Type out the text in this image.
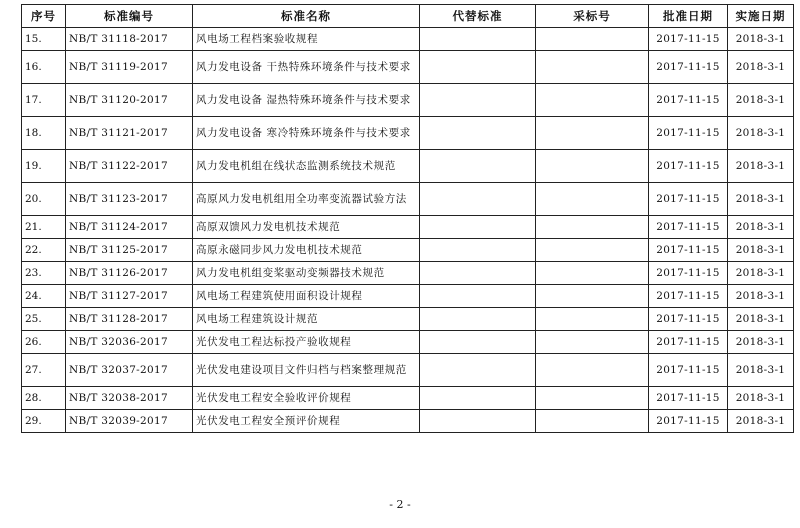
序号	标准编号	标准名称	代替标准	采标号	批准日期	实施日期
15.	NB/T 31118-2017	风电场工程档案验收规程			2017-11-15	2018-3-1
16.	NB/T 31119-2017	风力发电设备 干热特殊环境条件与技术要求			2017-11-15	2018-3-1
17.	NB/T 31120-2017	风力发电设备 湿热特殊环境条件与技术要求			2017-11-15	2018-3-1
18.	NB/T 31121-2017	风力发电设备 寒冷特殊环境条件与技术要求			2017-11-15	2018-3-1
19.	NB/T 31122-2017	风力发电机组在线状态监测系统技术规范			2017-11-15	2018-3-1
20.	NB/T 31123-2017	高原风力发电机组用全功率变流器试验方法			2017-11-15	2018-3-1
21.	NB/T 31124-2017	高原双馈风力发电机技术规范			2017-11-15	2018-3-1
22.	NB/T 31125-2017	高原永磁同步风力发电机技术规范			2017-11-15	2018-3-1
23.	NB/T 31126-2017	风力发电机组变桨驱动变频器技术规范			2017-11-15	2018-3-1
24.	NB/T 31127-2017	风电场工程建筑使用面积设计规程			2017-11-15	2018-3-1
25.	NB/T 31128-2017	风电场工程建筑设计规范			2017-11-15	2018-3-1
26.	NB/T 32036-2017	光伏发电工程达标投产验收规程			2017-11-15	2018-3-1
27.	NB/T 32037-2017	光伏发电建设项目文件归档与档案整理规范			2017-11-15	2018-3-1
28.	NB/T 32038-2017	光伏发电工程安全验收评价规程			2017-11-15	2018-3-1
29.	NB/T 32039-2017	光伏发电工程安全预评价规程			2017-11-15	2018-3-1
- 2 -
